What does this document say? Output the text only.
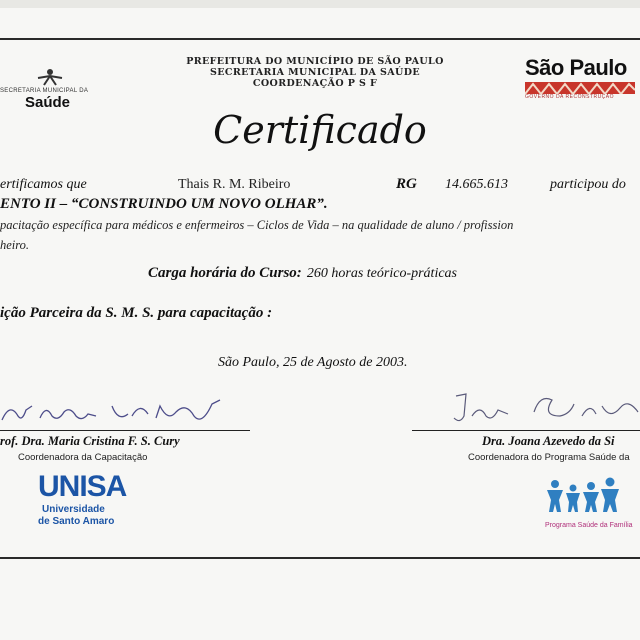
SECRETARIA MUNICIPAL DA
Saúde
PREFEITURA DO MUNICÍPIO DE SÃO PAULO
SECRETARIA MUNICIPAL DA SAÚDE
COORDENAÇÃO P S F
São Paulo
GOVERNO DA RECONSTRUÇÃO
Certificado
ertificamos que	Thais R. M. Ribeiro	RG 14.665.613	participou do
ENTO II – “CONSTRUINDO UM NOVO OLHAR”.
pacitação específica para médicos e enfermeiros – Ciclos de Vida – na qualidade de aluno / profission
heiro.
Carga horária do Curso: 260 horas teórico-práticas
ição Parceira da S. M. S. para capacitação :
São Paulo, 25 de Agosto de 2003.
rof. Dra. Maria Cristina F. S. Cury
Coordenadora da Capacitação
Dra. Joana Azevedo da Si
Coordenadora do Programa Saúde da
UNISA
Universidade
de Santo Amaro	Programa Saúde da Família
